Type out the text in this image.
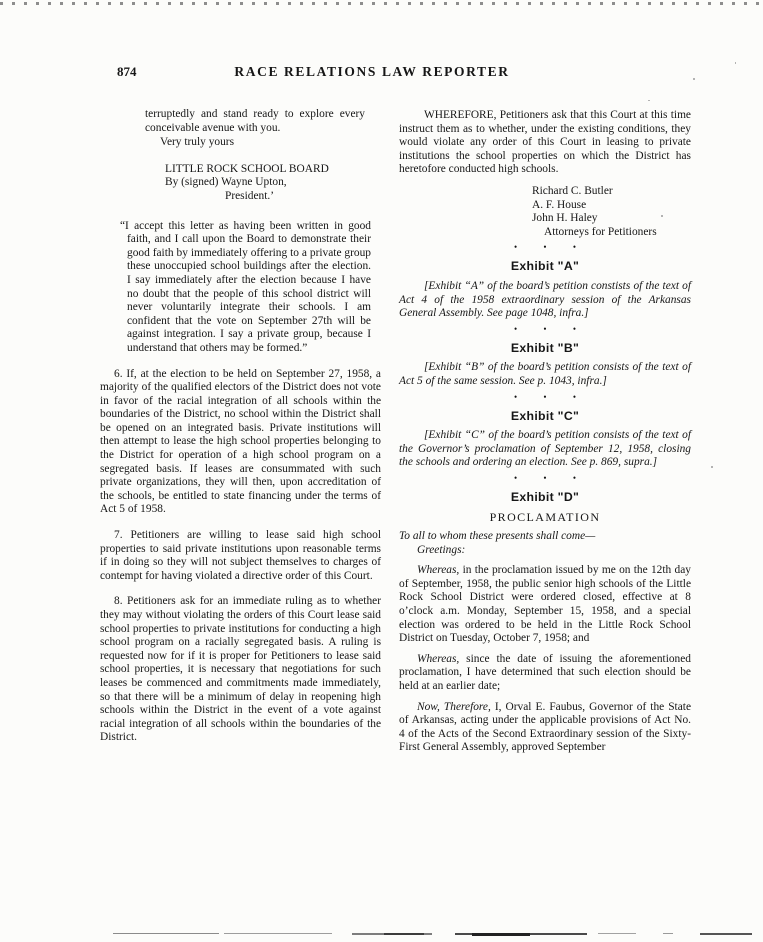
874	RACE RELATIONS LAW REPORTER
terruptedly and stand ready to explore every conceivable avenue with you.
Very truly yours
LITTLE ROCK SCHOOL BOARD
By (signed) Wayne Upton,
President.’
“I accept this letter as having been written in good faith, and I call upon the Board to demonstrate their good faith by immediately offering to a private group these unoccupied school buildings after the election. I say immediately after the election because I have no doubt that the people of this school district will never voluntarily integrate their schools. I am confident that the vote on September 27th will be against integration. I say a private group, because I understand that others may be formed.”
6. If, at the election to be held on September 27, 1958, a majority of the qualified electors of the District does not vote in favor of the racial integration of all schools within the boundaries of the District, no school within the District shall be opened on an integrated basis. Private institutions will then attempt to lease the high school properties belonging to the District for operation of a high school program on a segregated basis. If leases are consummated with such private organizations, they will then, upon accreditation of the schools, be entitled to state financing under the terms of Act 5 of 1958.
7. Petitioners are willing to lease said high school properties to said private institutions upon reasonable terms if in doing so they will not subject themselves to charges of contempt for having violated a directive order of this Court.
8. Petitioners ask for an immediate ruling as to whether they may without violating the orders of this Court lease said school properties to private institutions for conducting a high school program on a racially segregated basis. A ruling is requested now for if it is proper for Petitioners to lease said school properties, it is necessary that negotiations for such leases be commenced and commitments made immediately, so that there will be a minimum of delay in reopening high schools within the District in the event of a vote against racial integration of all schools within the boundaries of the District.
WHEREFORE, Petitioners ask that this Court at this time instruct them as to whether, under the existing conditions, they would violate any order of this Court in leasing to private institutions the school properties on which the District has heretofore conducted high schools.
Richard C. Butler
A. F. House
John H. Haley
Attorneys for Petitioners
• • •
Exhibit "A"
[Exhibit “A” of the board’s petition constists of the text of Act 4 of the 1958 extraordinary session of the Arkansas General Assembly. See page 1048, infra.]
• • •
Exhibit "B"
[Exhibit “B” of the board’s petition consists of the text of Act 5 of the same session. See p. 1043, infra.]
• • •
Exhibit "C"
[Exhibit “C” of the board’s petition consists of the text of the Governor’s proclamation of September 12, 1958, closing the schools and ordering an election. See p. 869, supra.]
• • •
Exhibit "D"
PROCLAMATION
To all to whom these presents shall come—
Greetings:
Whereas, in the proclamation issued by me on the 12th day of September, 1958, the public senior high schools of the Little Rock School District were ordered closed, effective at 8 o’clock a.m. Monday, September 15, 1958, and a special election was ordered to be held in the Little Rock School District on Tuesday, October 7, 1958; and
Whereas, since the date of issuing the aforementioned proclamation, I have determined that such election should be held at an earlier date;
Now, Therefore, I, Orval E. Faubus, Governor of the State of Arkansas, acting under the applicable provisions of Act No. 4 of the Acts of the Second Extraordinary session of the Sixty-First General Assembly, approved September
